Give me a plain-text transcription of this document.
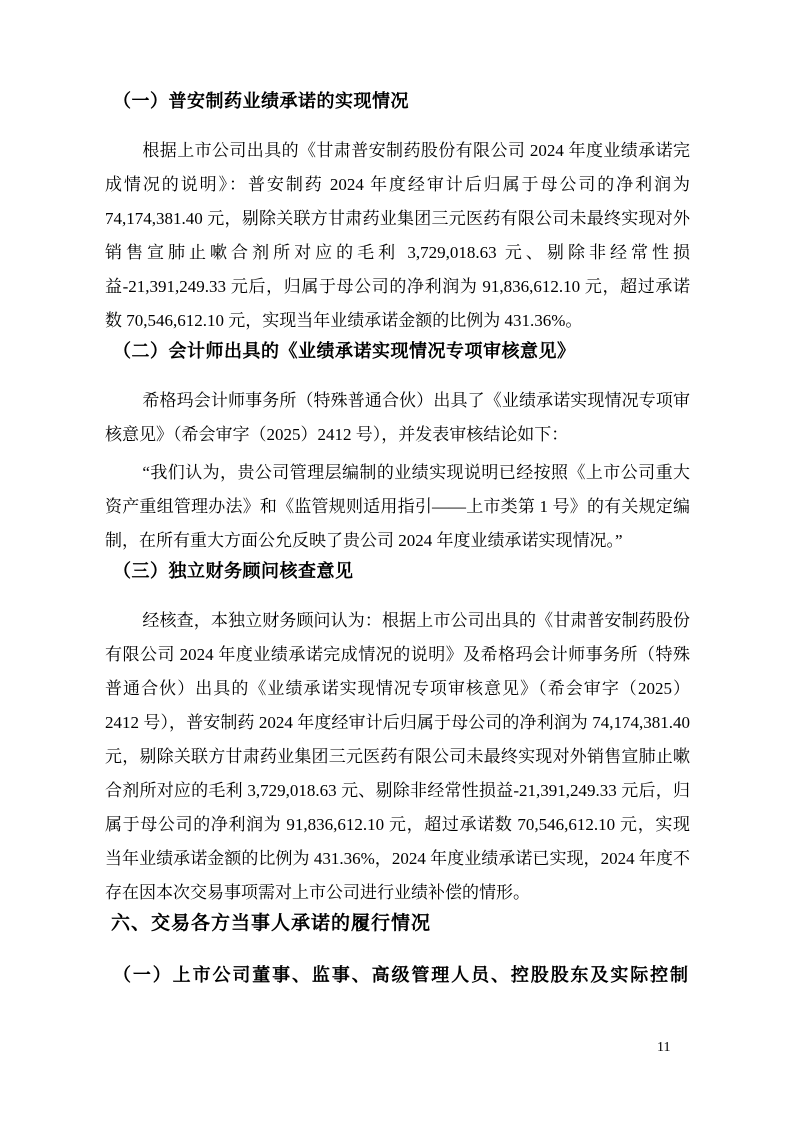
（一）普安制药业绩承诺的实现情况

根据上市公司出具的《甘肃普安制药股份有限公司 2024 年度业绩承诺完成情况的说明》：普安制药 2024 年度经审计后归属于母公司的净利润为 74,174,381.40 元，剔除关联方甘肃药业集团三元医药有限公司未最终实现对外销售宣肺止嗽合剂所对应的毛利 3,729,018.63 元、剔除非经常性损益-21,391,249.33 元后，归属于母公司的净利润为 91,836,612.10 元，超过承诺数 70,546,612.10 元，实现当年业绩承诺金额的比例为 431.36%。

（二）会计师出具的《业绩承诺实现情况专项审核意见》

希格玛会计师事务所（特殊普通合伙）出具了《业绩承诺实现情况专项审核意见》（希会审字（2025）2412 号），并发表审核结论如下：

“我们认为，贵公司管理层编制的业绩实现说明已经按照《上市公司重大资产重组管理办法》和《监管规则适用指引——上市类第 1 号》的有关规定编制，在所有重大方面公允反映了贵公司 2024 年度业绩承诺实现情况。”

（三）独立财务顾问核查意见

经核查，本独立财务顾问认为：根据上市公司出具的《甘肃普安制药股份有限公司 2024 年度业绩承诺完成情况的说明》及希格玛会计师事务所（特殊普通合伙）出具的《业绩承诺实现情况专项审核意见》（希会审字（2025）2412 号），普安制药 2024 年度经审计后归属于母公司的净利润为 74,174,381.40 元，剔除关联方甘肃药业集团三元医药有限公司未最终实现对外销售宣肺止嗽合剂所对应的毛利 3,729,018.63 元、剔除非经常性损益-21,391,249.33 元后，归属于母公司的净利润为 91,836,612.10 元，超过承诺数 70,546,612.10 元，实现当年业绩承诺金额的比例为 431.36%，2024 年度业绩承诺已实现，2024 年度不存在因本次交易事项需对上市公司进行业绩补偿的情形。

六、交易各方当事人承诺的履行情况
（一）上市公司董事、监事、高级管理人员、控股股东及实际控制
11
